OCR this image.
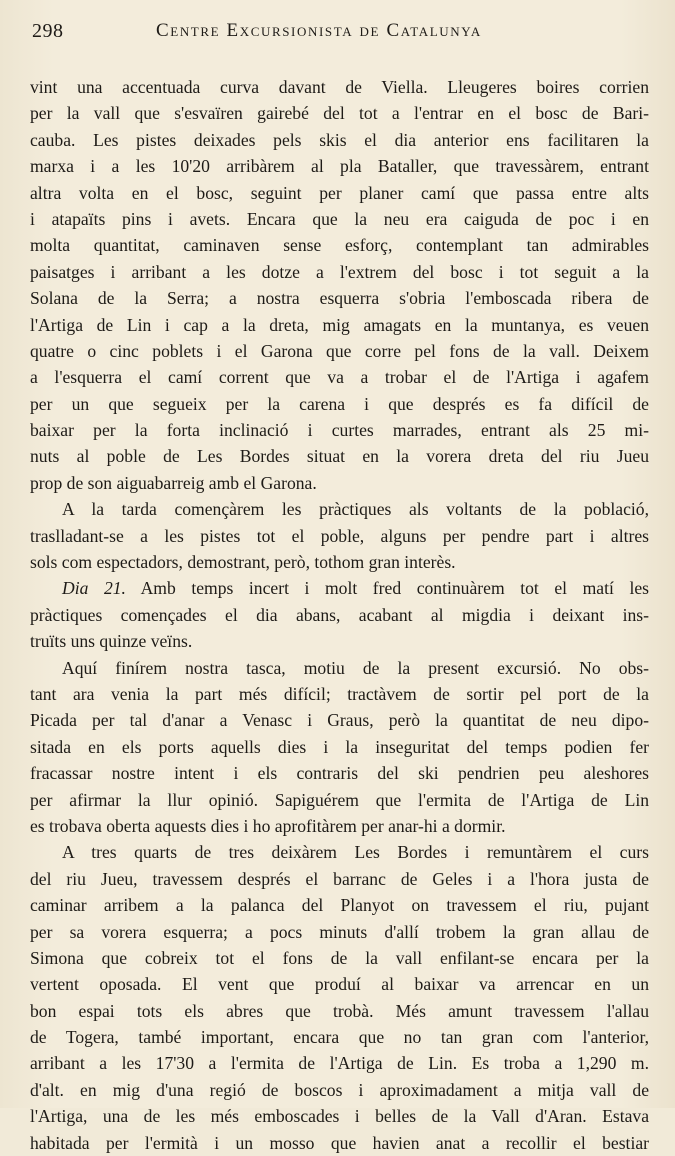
298	Centre Excursionista de Catalunya
vint una accentuada curva davant de Viella. Lleugeres boires corrien
per la vall que s'esvaïren gairebé del tot a l'entrar en el bosc de Bari-
cauba. Les pistes deixades pels skis el dia anterior ens facilitaren la
marxa i a les 10'20 arribàrem al pla Bataller, que travessàrem, entrant
altra volta en el bosc, seguint per planer camí que passa entre alts
i atapaïts pins i avets. Encara que la neu era caiguda de poc i en
molta quantitat, caminaven sense esforç, contemplant tan admirables
paisatges i arribant a les dotze a l'extrem del bosc i tot seguit a la
Solana de la Serra; a nostra esquerra s'obria l'emboscada ribera de
l'Artiga de Lin i cap a la dreta, mig amagats en la muntanya, es veuen
quatre o cinc poblets i el Garona que corre pel fons de la vall. Deixem
a l'esquerra el camí corrent que va a trobar el de l'Artiga i agafem
per un que segueix per la carena i que després es fa difícil de
baixar per la forta inclinació i curtes marrades, entrant als 25 mi-
nuts al poble de Les Bordes situat en la vorera dreta del riu Jueu
prop de son aiguabarreig amb el Garona.
A la tarda començàrem les pràctiques als voltants de la població,
traslladant-se a les pistes tot el poble, alguns per pendre part i altres
sols com espectadors, demostrant, però, tothom gran interès.
Dia 21. Amb temps incert i molt fred continuàrem tot el matí les
pràctiques començades el dia abans, acabant al migdia i deixant ins-
truïts uns quinze veïns.
Aquí finírem nostra tasca, motiu de la present excursió. No obs-
tant ara venia la part més difícil; tractàvem de sortir pel port de la
Picada per tal d'anar a Venasc i Graus, però la quantitat de neu dipo-
sitada en els ports aquells dies i la inseguritat del temps podien fer
fracassar nostre intent i els contraris del ski pendrien peu aleshores
per afirmar la llur opinió. Sapiguérem que l'ermita de l'Artiga de Lin
es trobava oberta aquests dies i ho aprofitàrem per anar-hi a dormir.
A tres quarts de tres deixàrem Les Bordes i remuntàrem el curs
del riu Jueu, travessem després el barranc de Geles i a l'hora justa de
caminar arribem a la palanca del Planyot on travessem el riu, pujant
per sa vorera esquerra; a pocs minuts d'allí trobem la gran allau de
Simona que cobreix tot el fons de la vall enfilant-se encara per la
vertent oposada. El vent que produí al baixar va arrencar en un
bon espai tots els abres que trobà. Més amunt travessem l'allau
de Togera, també important, encara que no tan gran com l'anterior,
arribant a les 17'30 a l'ermita de l'Artiga de Lin. Es troba a 1,290 m.
d'alt. en mig d'una regió de boscos i aproximadament a mitja vall de
l'Artiga, una de les més emboscades i belles de la Vall d'Aran. Estava
habitada per l'ermità i un mosso que havien anat a recollir el bestiar
